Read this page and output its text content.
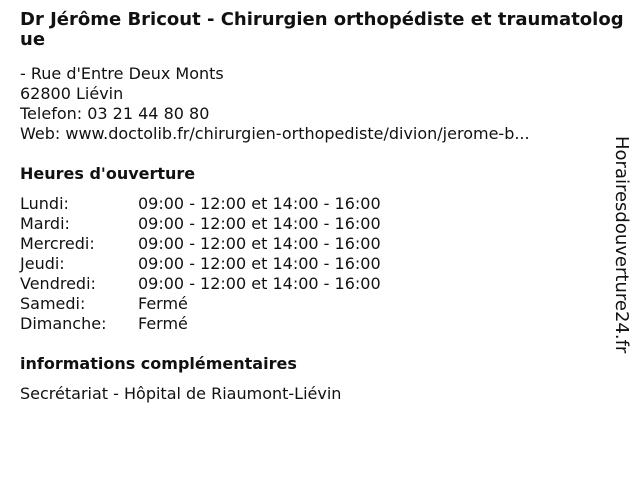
Dr Jérôme Bricout - Chirurgien orthopédiste et traumatologue
- Rue d'Entre Deux Monts
62800 Liévin
Telefon: 03 21 44 80 80
Web: www.doctolib.fr/chirurgien-orthopediste/divion/jerome-b...
Heures d'ouverture
Lundi:	09:00 - 12:00 et 14:00 - 16:00
Mardi:	09:00 - 12:00 et 14:00 - 16:00
Mercredi:	09:00 - 12:00 et 14:00 - 16:00
Jeudi:	09:00 - 12:00 et 14:00 - 16:00
Vendredi:	09:00 - 12:00 et 14:00 - 16:00
Samedi:	Fermé
Dimanche:	Fermé
informations complémentaires
Secrétariat - Hôpital de Riaumont-Liévin
Horairesdouverture24.fr
